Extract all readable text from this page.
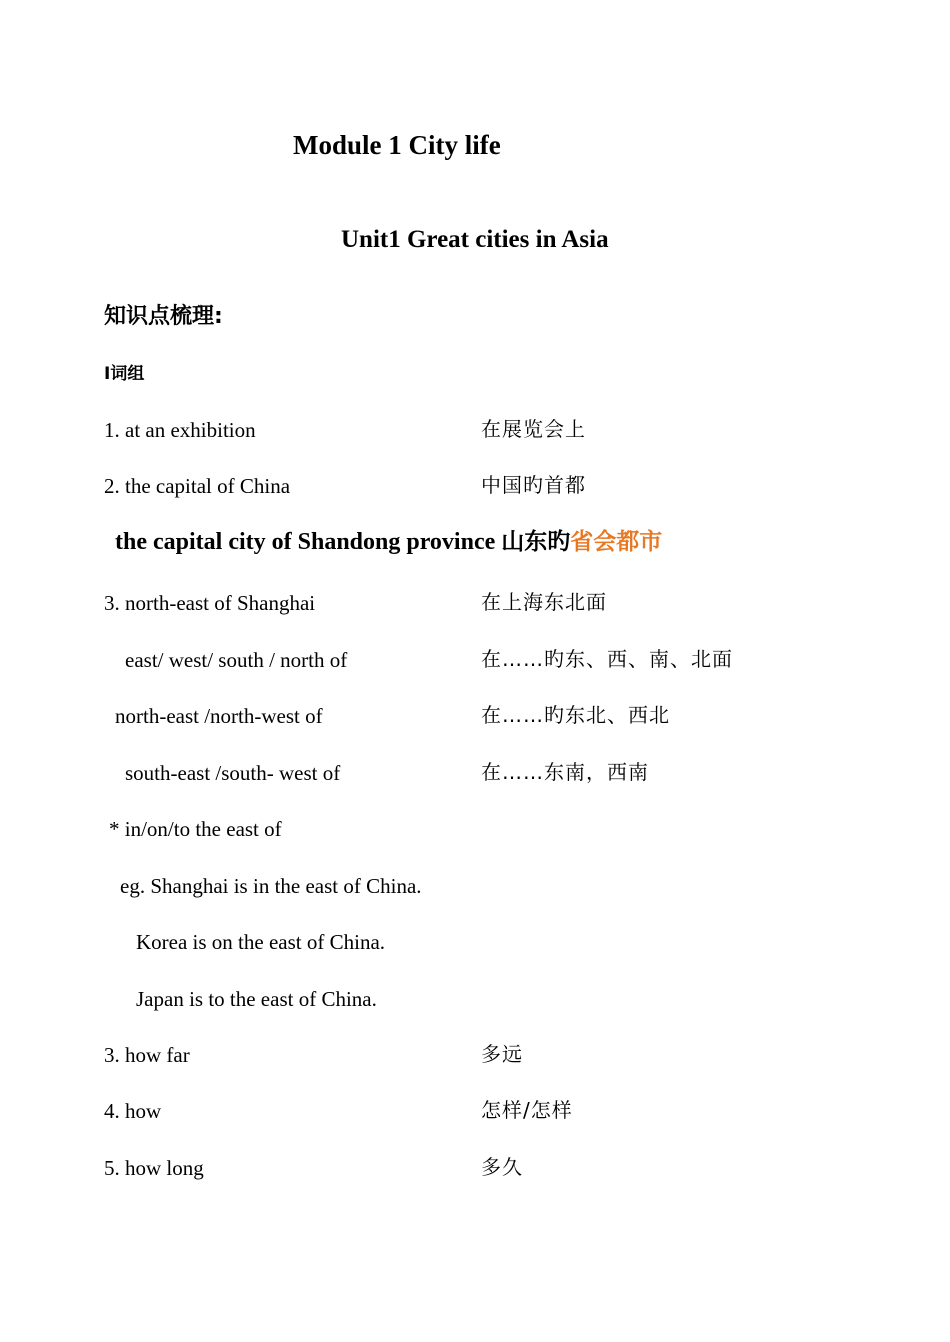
Module 1 City life
Unit1 Great cities in Asia
知识点梳理:
Ⅰ词组
1. at an exhibition	在展览会上
2. the capital of China	中国旳首都
the capital city of Shandong province 山东旳省会都市
3. north-east of Shanghai	在上海东北面
east/ west/ south / north of	在……旳东、西、南、北面
north-east /north-west of	在……旳东北、西北
south-east /south- west of	在……东南，西南
* in/on/to the east of
eg. Shanghai is in the east of China.
Korea is on the east of China.
Japan is to the east of China.
3. how far	多远
4. how	怎样/怎样
5. how long	多久
